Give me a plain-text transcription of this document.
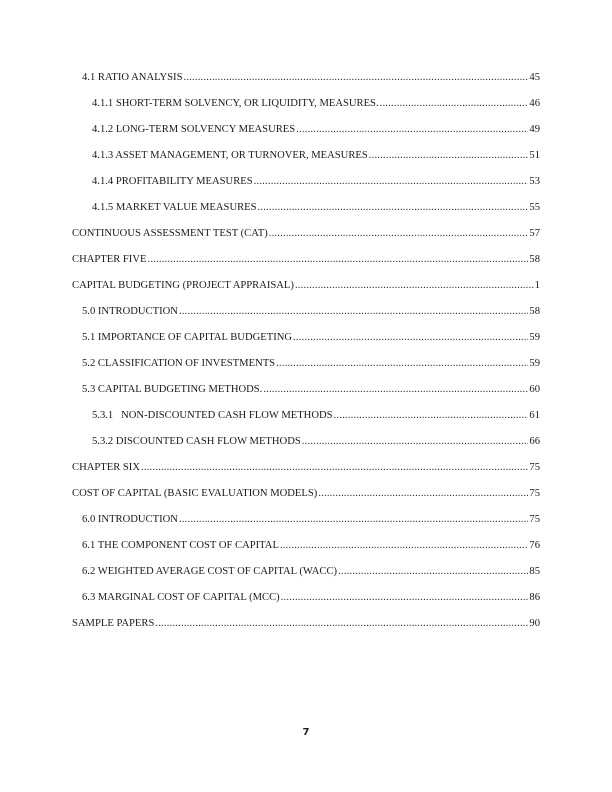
4.1 RATIO ANALYSIS .....	45
4.1.1 SHORT-TERM SOLVENCY, OR LIQUIDITY, MEASURES. .....	46
4.1.2 LONG-TERM SOLVENCY MEASURES .....	49
4.1.3 ASSET MANAGEMENT, OR TURNOVER, MEASURES .....	51
4.1.4 PROFITABILITY MEASURES .....	53
4.1.5 MARKET VALUE MEASURES .....	55
CONTINUOUS ASSESSMENT TEST (CAT) .....	57
CHAPTER FIVE .....	58
CAPITAL BUDGETING (PROJECT APPRAISAL) .....	1
5.0 INTRODUCTION .....	58
5.1 IMPORTANCE OF CAPITAL BUDGETING .....	59
5.2 CLASSIFICATION OF INVESTMENTS .....	59
5.3 CAPITAL BUDGETING METHODS. .....	60
5.3.1   NON-DISCOUNTED CASH FLOW METHODS .....	61
5.3.2 DISCOUNTED CASH FLOW METHODS .....	66
CHAPTER SIX .....	75
COST OF CAPITAL (BASIC EVALUATION MODELS) .....	75
6.0 INTRODUCTION .....	75
6.1 THE COMPONENT COST OF CAPITAL .....	76
6.2 WEIGHTED AVERAGE COST OF CAPITAL (WACC) .....	85
6.3 MARGINAL COST OF CAPITAL (MCC) .....	86
SAMPLE PAPERS .....	90
7
